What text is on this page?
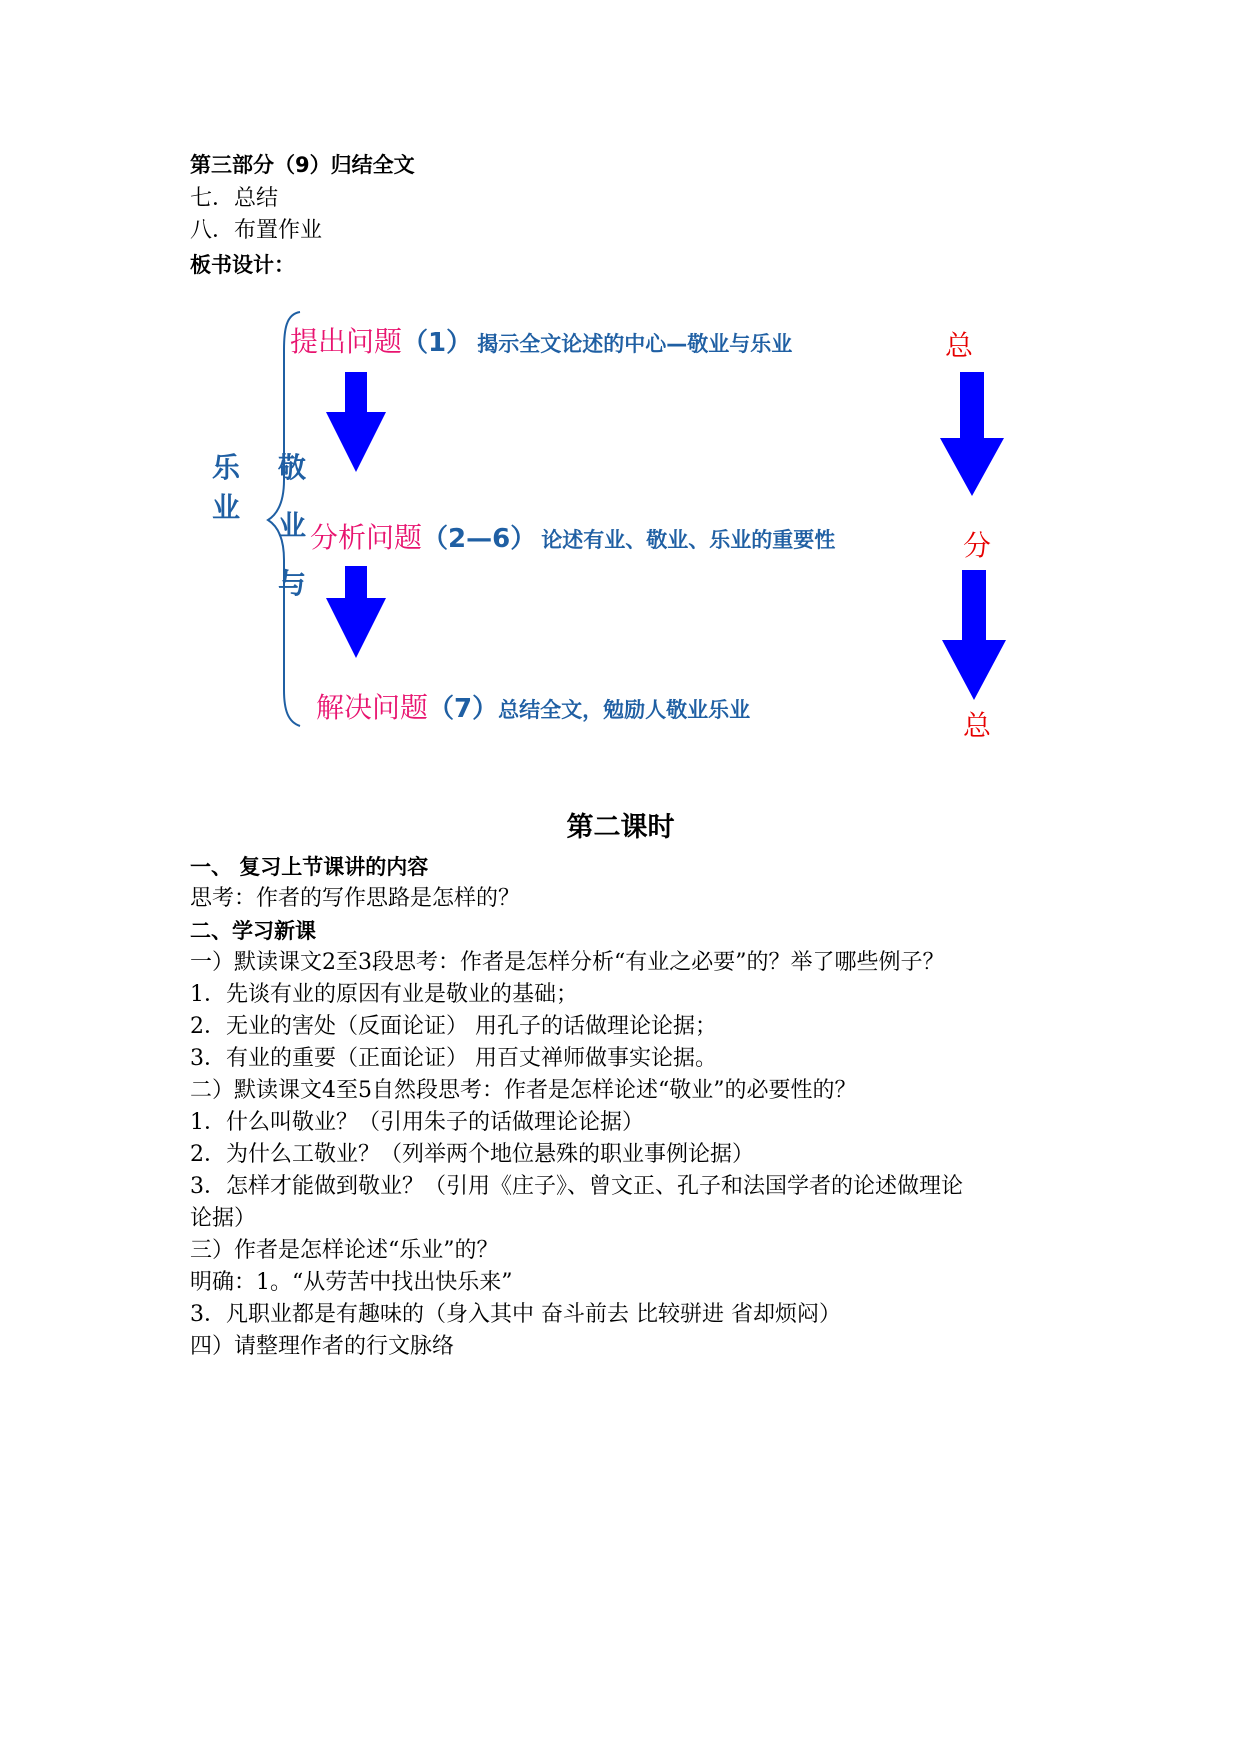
第三部分（9）归结全文
七．总结
八．布置作业
板书设计：
乐
业
敬
业
与
提出问题（1） 揭示全文论述的中心—敬业与乐业
分析问题（2—6） 论述有业、敬业、乐业的重要性
解决问题（7）总结全文，勉励人敬业乐业
总
分
总
第二课时
一、 复习上节课讲的内容
思考：作者的写作思路是怎样的？
二、学习新课
一）默读课文2至3段思考：作者是怎样分析“有业之必要”的？举了哪些例子？
1．先谈有业的原因有业是敬业的基础；
2．无业的害处（反面论证） 用孔子的话做理论论据；
3．有业的重要（正面论证） 用百丈禅师做事实论据。
二）默读课文4至5自然段思考：作者是怎样论述“敬业”的必要性的？
1．什么叫敬业？（引用朱子的话做理论论据）
2．为什么工敬业？（列举两个地位悬殊的职业事例论据）
3．怎样才能做到敬业？（引用《庄子》、曾文正、孔子和法国学者的论述做理论
论据）
三）作者是怎样论述“乐业”的？
明确：1。“从劳苦中找出快乐来”
3．凡职业都是有趣味的（身入其中 奋斗前去 比较骈进 省却烦闷）
四）请整理作者的行文脉络
